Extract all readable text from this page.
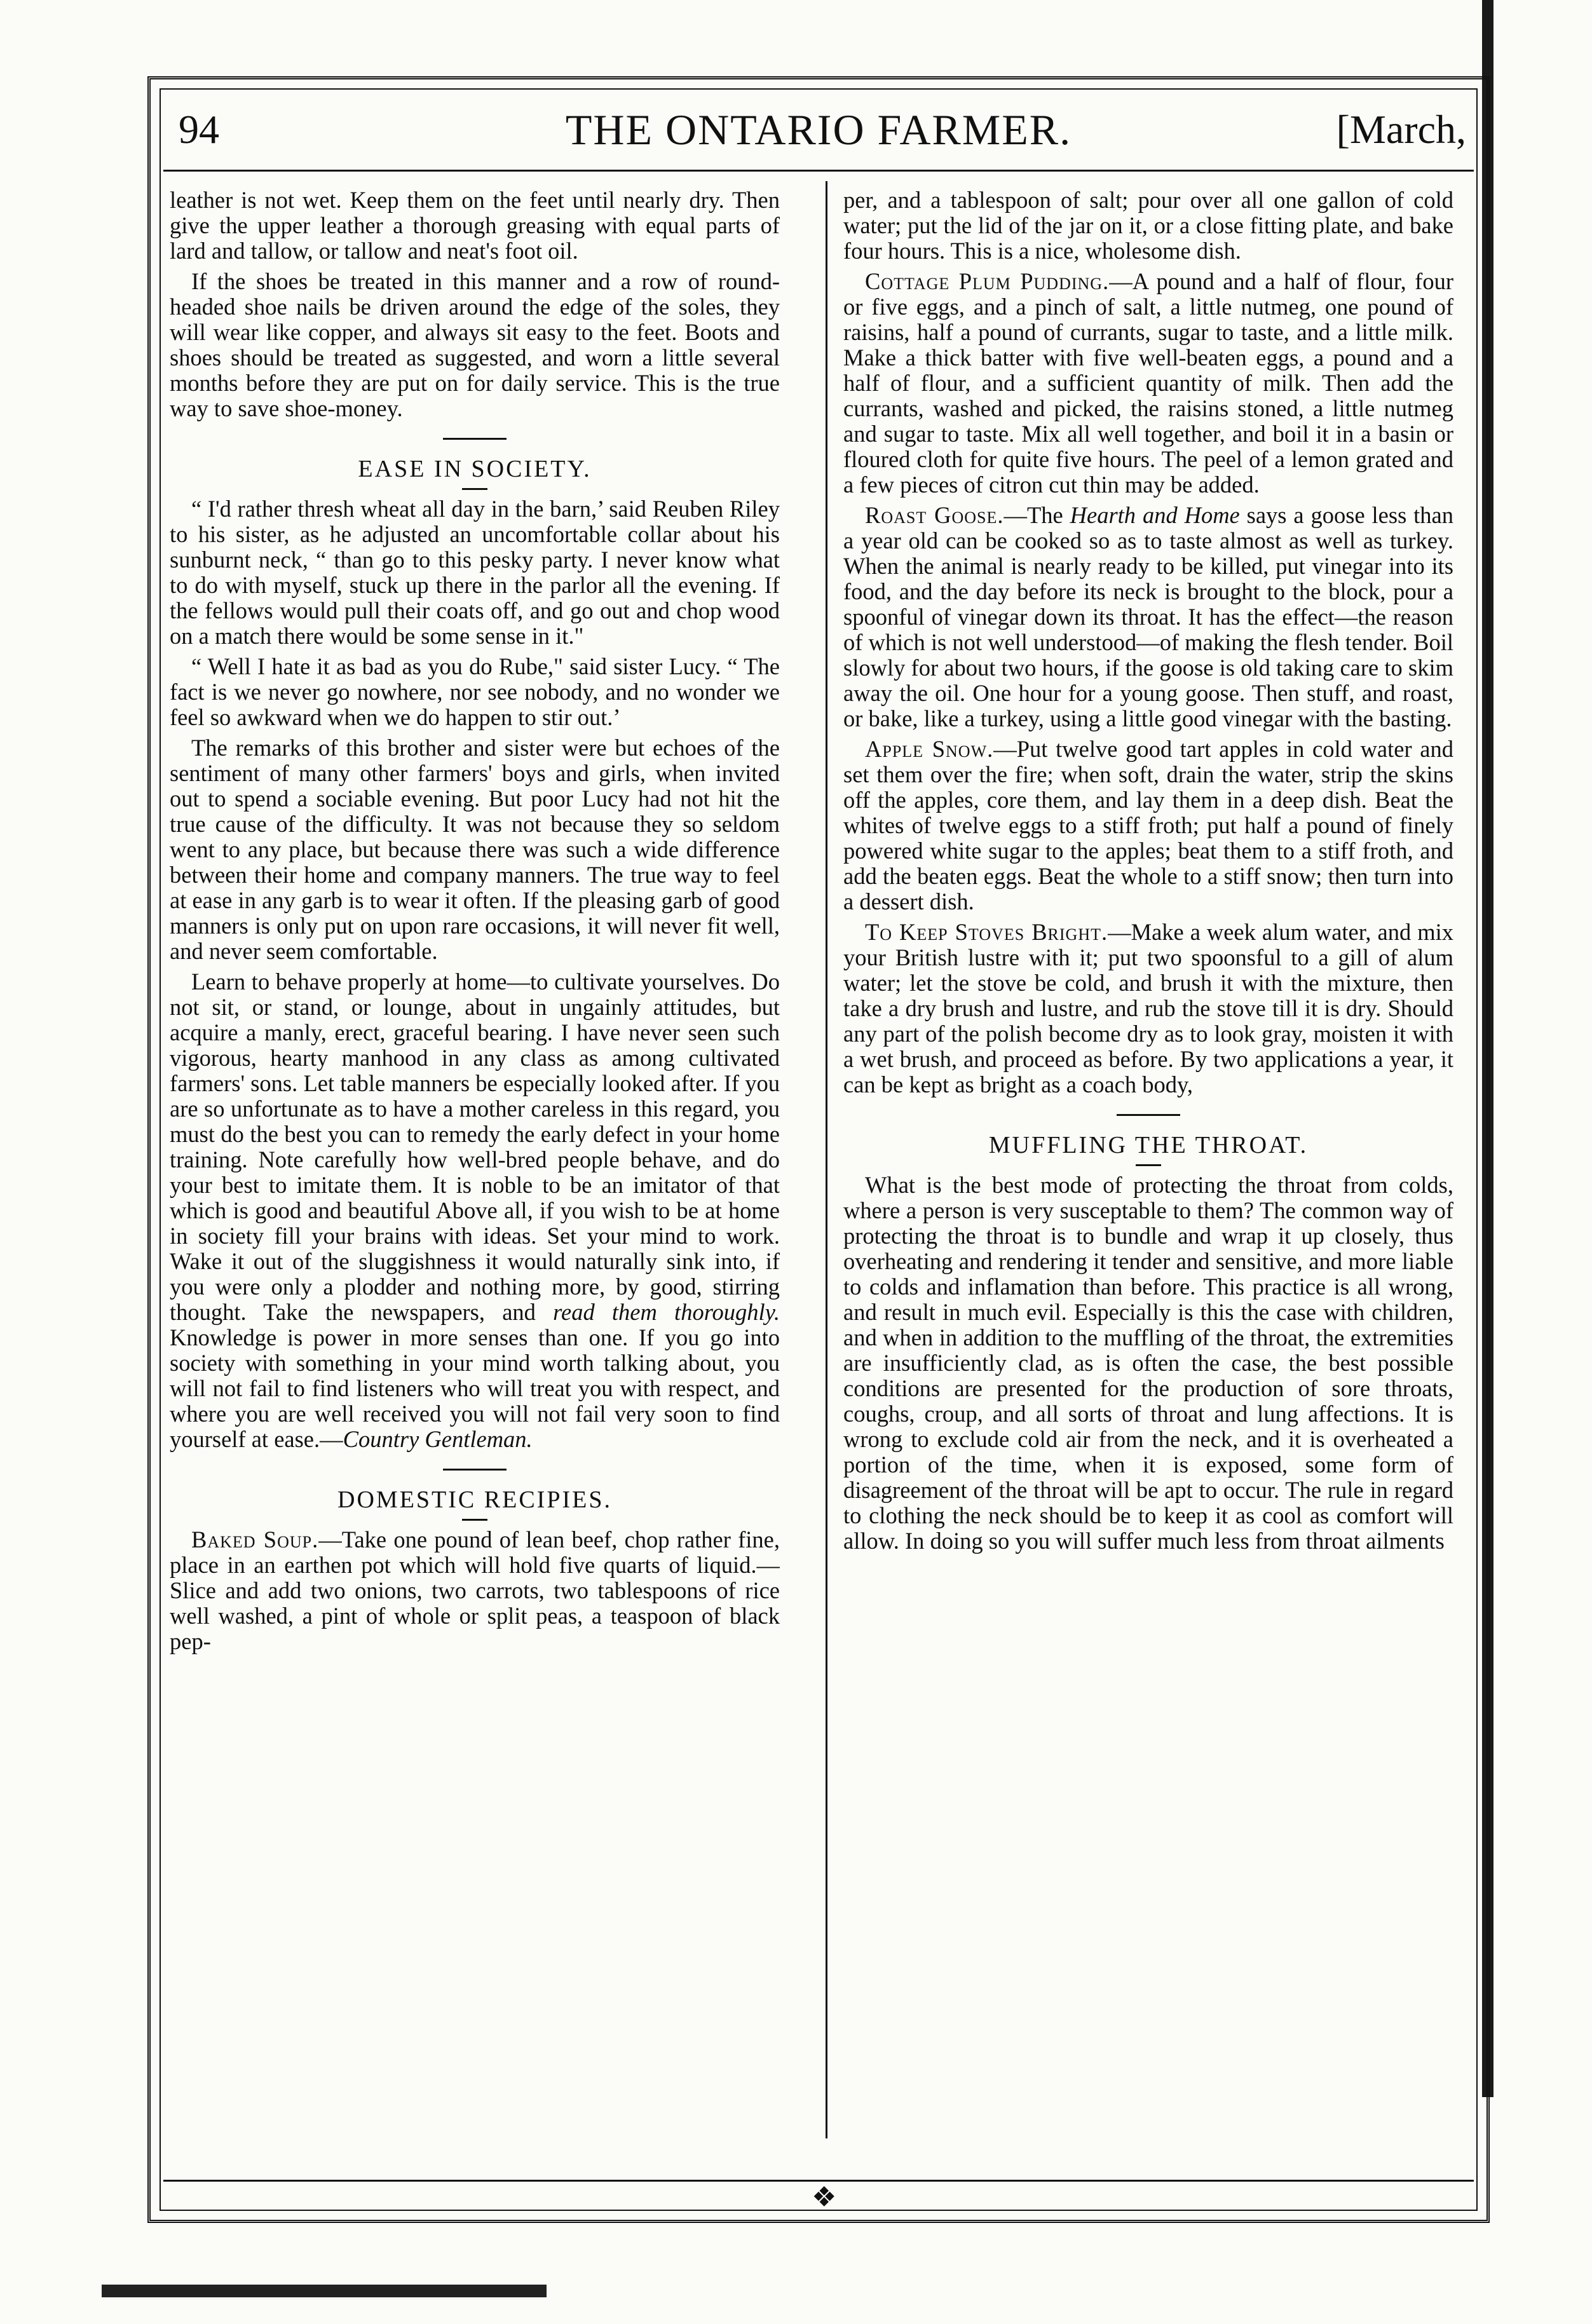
94	THE ONTARIO FARMER.	[March,

leather is not wet. Keep them on the feet until nearly dry. Then give the upper leather a thorough greasing with equal parts of lard and tallow, or tallow and neat's foot oil.

If the shoes be treated in this manner and a row of round-headed shoe nails be driven around the edge of the soles, they will wear like copper, and always sit easy to the feet. Boots and shoes should be treated as suggested, and worn a little several months before they are put on for daily service. This is the true way to save shoe-money.

EASE IN SOCIETY.

“ I'd rather thresh wheat all day in the barn,’ said Reuben Riley to his sister, as he adjusted an uncomfortable collar about his sunburnt neck, “ than go to this pesky party. I never know what to do with myself, stuck up there in the parlor all the evening. If the fellows would pull their coats off, and go out and chop wood on a match there would be some sense in it."

“ Well I hate it as bad as you do Rube," said sister Lucy. “ The fact is we never go nowhere, nor see nobody, and no wonder we feel so awkward when we do happen to stir out.’

The remarks of this brother and sister were but echoes of the sentiment of many other farmers' boys and girls, when invited out to spend a sociable evening. But poor Lucy had not hit the true cause of the difficulty. It was not because they so seldom went to any place, but because there was such a wide difference between their home and company manners. The true way to feel at ease in any garb is to wear it often. If the pleasing garb of good manners is only put on upon rare occasions, it will never fit well, and never seem comfortable.

Learn to behave properly at home—to cultivate yourselves. Do not sit, or stand, or lounge, about in ungainly attitudes, but acquire a manly, erect, graceful bearing. I have never seen such vigorous, hearty manhood in any class as among cultivated farmers' sons. Let table manners be especially looked after. If you are so unfortunate as to have a mother careless in this regard, you must do the best you can to remedy the early defect in your home training. Note carefully how well-bred people behave, and do your best to imitate them. It is noble to be an imitator of that which is good and beautiful Above all, if you wish to be at home in society fill your brains with ideas. Set your mind to work. Wake it out of the sluggishness it would naturally sink into, if you were only a plodder and nothing more, by good, stirring thought. Take the newspapers, and read them thoroughly. Knowledge is power in more senses than one. If you go into society with something in your mind worth talking about, you will not fail to find listeners who will treat you with respect, and where you are well received you will not fail very soon to find yourself at ease.—Country Gentleman.

DOMESTIC RECIPIES.

Baked Soup.—Take one pound of lean beef, chop rather fine, place in an earthen pot which will hold five quarts of liquid.—Slice and add two onions, two carrots, two tablespoons of rice well washed, a pint of whole or split peas, a teaspoon of black pep-

per, and a tablespoon of salt; pour over all one gallon of cold water; put the lid of the jar on it, or a close fitting plate, and bake four hours. This is a nice, wholesome dish.

Cottage Plum Pudding.—A pound and a half of flour, four or five eggs, and a pinch of salt, a little nutmeg, one pound of raisins, half a pound of currants, sugar to taste, and a little milk. Make a thick batter with five well-beaten eggs, a pound and a half of flour, and a sufficient quantity of milk. Then add the currants, washed and picked, the raisins stoned, a little nutmeg and sugar to taste. Mix all well together, and boil it in a basin or floured cloth for quite five hours. The peel of a lemon grated and a few pieces of citron cut thin may be added.

Roast Goose.—The Hearth and Home says a goose less than a year old can be cooked so as to taste almost as well as turkey. When the animal is nearly ready to be killed, put vinegar into its food, and the day before its neck is brought to the block, pour a spoonful of vinegar down its throat. It has the effect—the reason of which is not well understood—of making the flesh tender. Boil slowly for about two hours, if the goose is old taking care to skim away the oil. One hour for a young goose. Then stuff, and roast, or bake, like a turkey, using a little good vinegar with the basting.

Apple Snow.—Put twelve good tart apples in cold water and set them over the fire; when soft, drain the water, strip the skins off the apples, core them, and lay them in a deep dish. Beat the whites of twelve eggs to a stiff froth; put half a pound of finely powered white sugar to the apples; beat them to a stiff froth, and add the beaten eggs. Beat the whole to a stiff snow; then turn into a dessert dish.

To Keep Stoves Bright.—Make a week alum water, and mix your British lustre with it; put two spoonsful to a gill of alum water; let the stove be cold, and brush it with the mixture, then take a dry brush and lustre, and rub the stove till it is dry. Should any part of the polish become dry as to look gray, moisten it with a wet brush, and proceed as before. By two applications a year, it can be kept as bright as a coach body,

MUFFLING THE THROAT.

What is the best mode of protecting the throat from colds, where a person is very susceptable to them? The common way of protecting the throat is to bundle and wrap it up closely, thus overheating and rendering it tender and sensitive, and more liable to colds and inflamation than before. This practice is all wrong, and result in much evil. Especially is this the case with children, and when in addition to the muffling of the throat, the extremities are insufficiently clad, as is often the case, the best possible conditions are presented for the production of sore throats, coughs, croup, and all sorts of throat and lung affections. It is wrong to exclude cold air from the neck, and it is overheated a portion of the time, when it is exposed, some form of disagreement of the throat will be apt to occur. The rule in regard to clothing the neck should be to keep it as cool as comfort will allow. In doing so you will suffer much less from throat ailments

❖
